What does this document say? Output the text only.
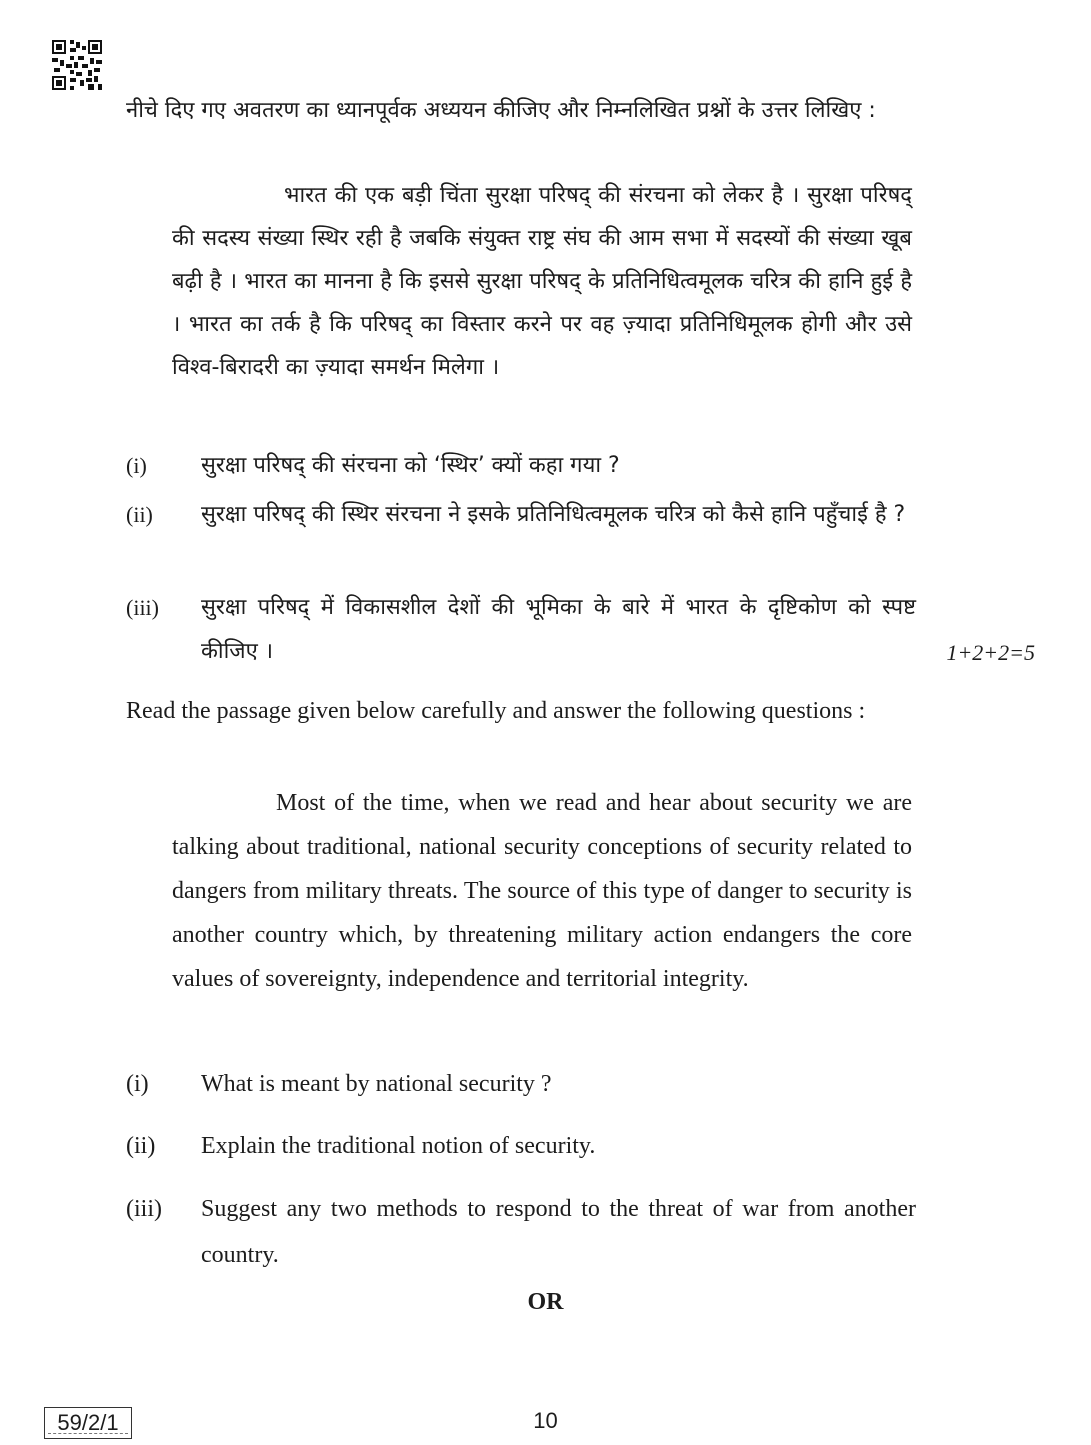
नीचे दिए गए अवतरण का ध्यानपूर्वक अध्ययन कीजिए और निम्नलिखित प्रश्नों के उत्तर लिखिए :

भारत की एक बड़ी चिंता सुरक्षा परिषद् की संरचना को लेकर है । सुरक्षा परिषद् की सदस्य संख्या स्थिर रही है जबकि संयुक्त राष्ट्र संघ की आम सभा में सदस्यों की संख्या खूब बढ़ी है । भारत का मानना है कि इससे सुरक्षा परिषद् के प्रतिनिधित्वमूलक चरित्र की हानि हुई है । भारत का तर्क है कि परिषद् का विस्तार करने पर वह ज़्यादा प्रतिनिधिमूलक होगी और उसे विश्व-बिरादरी का ज़्यादा समर्थन मिलेगा ।

(i)	सुरक्षा परिषद् की संरचना को ‘स्थिर’ क्यों कहा गया ?
(ii)	सुरक्षा परिषद् की स्थिर संरचना ने इसके प्रतिनिधित्वमूलक चरित्र को कैसे हानि पहुँचाई है ?
(iii)	सुरक्षा परिषद् में विकासशील देशों की भूमिका के बारे में भारत के दृष्टिकोण को स्पष्ट कीजिए ।	1+2+2=5

Read the passage given below carefully and answer the following questions :

Most of the time, when we read and hear about security we are talking about traditional, national security conceptions of security related to dangers from military threats. The source of this type of danger to security is another country which, by threatening military action endangers the core values of sovereignty, independence and territorial integrity.

(i)	What is meant by national security ?
(ii)	Explain the traditional notion of security.
(iii)	Suggest any two methods to respond to the threat of war from another country.
OR
59/2/1	10
